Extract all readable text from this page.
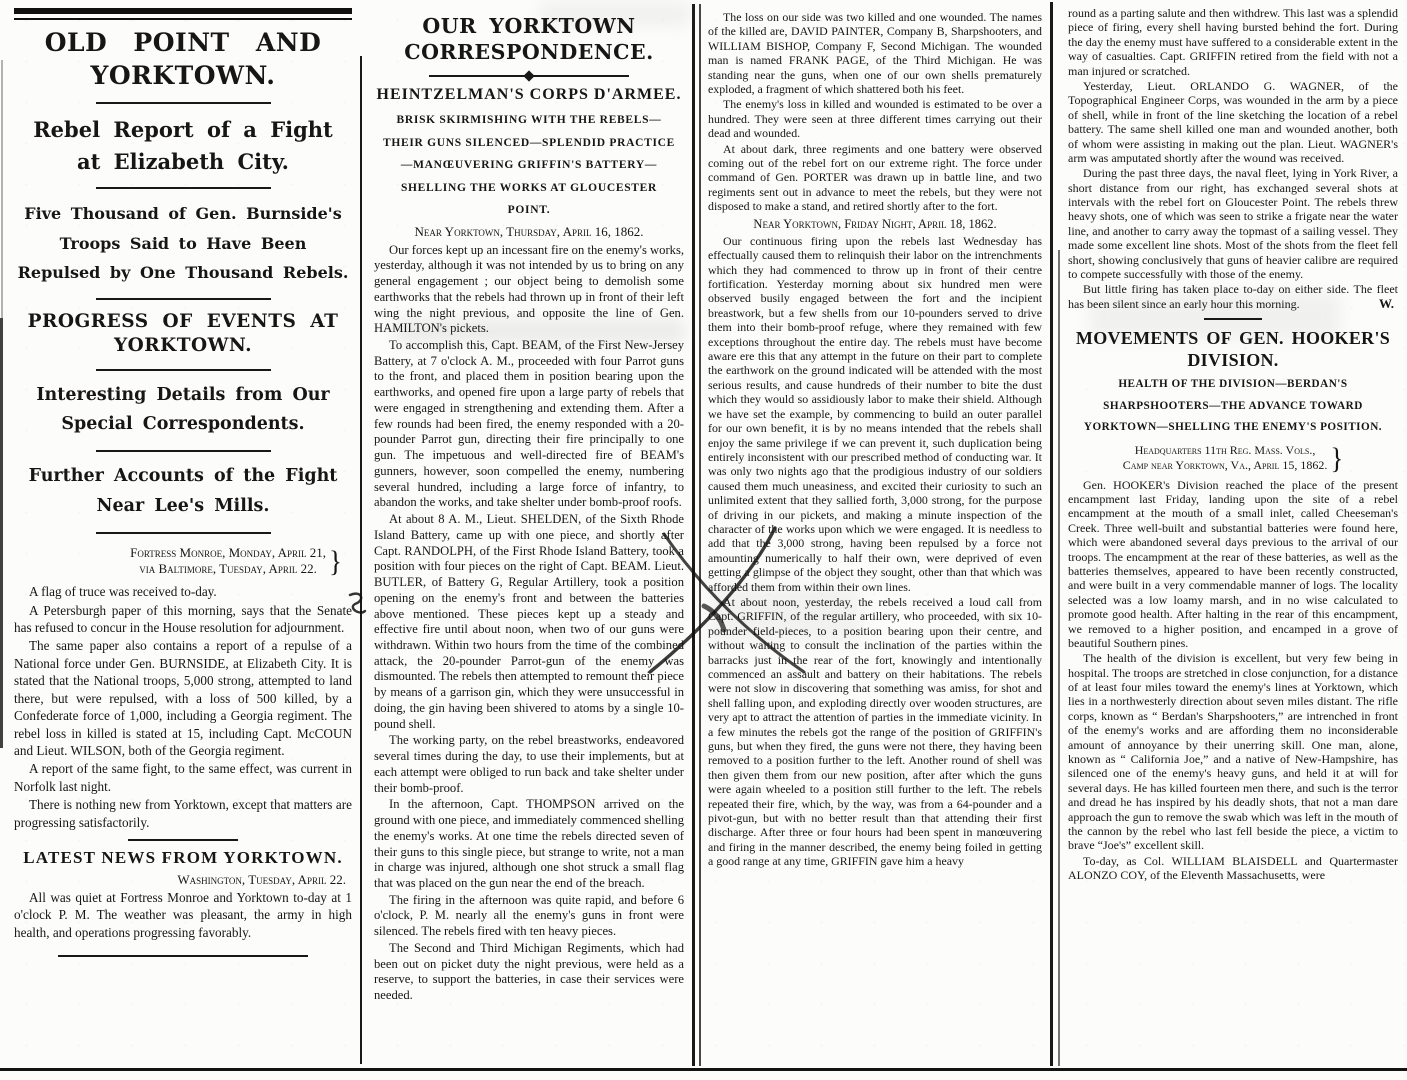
OLD POINT AND YORKTOWN.
Rebel Report of a Fight at Elizabeth City.
Five Thousand of Gen. Burnside's Troops Said to Have Been Repulsed by One Thousand Rebels.
PROGRESS OF EVENTS AT YORKTOWN.
Interesting Details from Our Special Correspondents.
Further Accounts of the Fight Near Lee's Mills.
Fortress Monroe, Monday, April 21,
via Baltimore, Tuesday, April 22. }

A flag of truce was received to-day.

A Petersburgh paper of this morning, says that the Senate has refused to concur in the House resolution for adjournment.

The same paper also contains a report of a repulse of a National force under Gen. BURNSIDE, at Elizabeth City. It is stated that the National troops, 5,000 strong, attempted to land there, but were repulsed, with a loss of 500 killed, by a Confederate force of 1,000, including a Georgia regiment. The rebel loss in killed is stated at 15, including Capt. McCOUN and Lieut. WILSON, both of the Georgia regiment.

A report of the same fight, to the same effect, was current in Norfolk last night.

There is nothing new from Yorktown, except that matters are progressing satisfactorily.

LATEST NEWS FROM YORKTOWN.
Washington, Tuesday, April 22.

All was quiet at Fortress Monroe and Yorktown to-day at 1 o'clock P. M. The weather was pleasant, the army in high health, and operations progressing favorably.

OUR YORKTOWN CORRESPONDENCE.
HEINTZELMAN'S CORPS D'ARMEE.
BRISK SKIRMISHING WITH THE REBELS—THEIR GUNS SILENCED—SPLENDID PRACTICE—MANŒUVERING GRIFFIN'S BATTERY—SHELLING THE WORKS AT GLOUCESTER POINT.
Near Yorktown, Thursday, April 16, 1862.

Our forces kept up an incessant fire on the enemy's works, yesterday, although it was not intended by us to bring on any general engagement ; our object being to demolish some earthworks that the rebels had thrown up in front of their left wing the night previous, and opposite the line of Gen. HAMILTON's pickets.

To accomplish this, Capt. BEAM, of the First New-Jersey Battery, at 7 o'clock A. M., proceeded with four Parrot guns to the front, and placed them in position bearing upon the earthworks, and opened fire upon a large party of rebels that were engaged in strengthening and extending them. After a few rounds had been fired, the enemy responded with a 20-pounder Parrot gun, directing their fire principally to one gun. The impetuous and well-directed fire of BEAM's gunners, however, soon compelled the enemy, numbering several hundred, including a large force of infantry, to abandon the works, and take shelter under bomb-proof roofs.

At about 8 A. M., Lieut. SHELDEN, of the Sixth Rhode Island Battery, came up with one piece, and shortly after Capt. RANDOLPH, of the First Rhode Island Battery, took a position with four pieces on the right of Capt. BEAM. Lieut. BUTLER, of Battery G, Regular Artillery, took a position opening on the enemy's front and between the batteries above mentioned. These pieces kept up a steady and effective fire until about noon, when two of our guns were withdrawn. Within two hours from the time of the combined attack, the 20-pounder Parrot-gun of the enemy was dismounted. The rebels then attempted to remount their piece by means of a garrison gin, which they were unsuccessful in doing, the gin having been shivered to atoms by a single 10-pound shell.

The working party, on the rebel breastworks, endeavored several times during the day, to use their implements, but at each attempt were obliged to run back and take shelter under their bomb-proof.

In the afternoon, Capt. THOMPSON arrived on the ground with one piece, and immediately commenced shelling the enemy's works. At one time the rebels directed seven of their guns to this single piece, but strange to write, not a man in charge was injured, although one shot struck a small flag that was placed on the gun near the end of the breach.

The firing in the afternoon was quite rapid, and before 6 o'clock, P. M. nearly all the enemy's guns in front were silenced. The rebels fired with ten heavy pieces.

The Second and Third Michigan Regiments, which had been out on picket duty the night previous, were held as a reserve, to support the batteries, in case their services were needed.

The loss on our side was two killed and one wounded. The names of the killed are, DAVID PAINTER, Company B, Sharpshooters, and WILLIAM BISHOP, Company F, Second Michigan. The wounded man is named FRANK PAGE, of the Third Michigan. He was standing near the guns, when one of our own shells prematurely exploded, a fragment of which shattered both his feet.

The enemy's loss in killed and wounded is estimated to be over a hundred. They were seen at three different times carrying out their dead and wounded.

At about dark, three regiments and one battery were observed coming out of the rebel fort on our extreme right. The force under command of Gen. PORTER was drawn up in battle line, and two regiments sent out in advance to meet the rebels, but they were not disposed to make a stand, and retired shortly after to the fort.

Near Yorktown, Friday Night, April 18, 1862.

Our continuous firing upon the rebels last Wednesday has effectually caused them to relinquish their labor on the intrenchments which they had commenced to throw up in front of their centre fortification. Yesterday morning about six hundred men were observed busily engaged between the fort and the incipient breastwork, but a few shells from our 10-pounders served to drive them into their bomb-proof refuge, where they remained with few exceptions throughout the entire day. The rebels must have become aware ere this that any attempt in the future on their part to complete the earthwork on the ground indicated will be attended with the most serious results, and cause hundreds of their number to bite the dust which they would so assidiously labor to make their shield. Although we have set the example, by commencing to build an outer parallel for our own benefit, it is by no means intended that the rebels shall enjoy the same privilege if we can prevent it, such duplication being entirely inconsistent with our prescribed method of conducting war. It was only two nights ago that the prodigious industry of our soldiers caused them much uneasiness, and excited their curiosity to such an unlimited extent that they sallied forth, 3,000 strong, for the purpose of driving in our pickets, and making a minute inspection of the character of the works upon which we were engaged. It is needless to add that the 3,000 strong, having been repulsed by a force not amounting numerically to half their own, were deprived of even getting a glimpse of the object they sought, other than that which was afforded them from within their own lines.

At about noon, yesterday, the rebels received a loud call from Capt. GRIFFIN, of the regular artillery, who proceeded, with six 10-pounder field-pieces, to a position bearing upon their centre, and without waiting to consult the inclination of the parties within the barracks just in the rear of the fort, knowingly and intentionally commenced an assault and battery on their habitations. The rebels were not slow in discovering that something was amiss, for shot and shell falling upon, and exploding directly over wooden structures, are very apt to attract the attention of parties in the immediate vicinity. In a few minutes the rebels got the range of the position of GRIFFIN's guns, but when they fired, the guns were not there, they having been removed to a position further to the left. Another round of shell was then given them from our new position, after after which the guns were again wheeled to a position still further to the left. The rebels repeated their fire, which, by the way, was from a 64-pounder and a pivot-gun, but with no better result than that attending their first discharge. After three or four hours had been spent in manœuvering and firing in the manner described, the enemy being foiled in getting a good range at any time, GRIFFIN gave him a heavy

round as a parting salute and then withdrew. This last was a splendid piece of firing, every shell having bursted behind the fort. During the day the enemy must have suffered to a considerable extent in the way of casualties. Capt. GRIFFIN retired from the field with not a man injured or scratched.

Yesterday, Lieut. ORLANDO G. WAGNER, of the Topographical Engineer Corps, was wounded in the arm by a piece of shell, while in front of the line sketching the location of a rebel battery. The same shell killed one man and wounded another, both of whom were assisting in making out the plan. Lieut. WAGNER's arm was amputated shortly after the wound was received.

During the past three days, the naval fleet, lying in York River, a short distance from our right, has exchanged several shots at intervals with the rebel fort on Gloucester Point. The rebels threw heavy shots, one of which was seen to strike a frigate near the water line, and another to carry away the topmast of a sailing vessel. They made some excellent line shots. Most of the shots from the fleet fell short, showing conclusively that guns of heavier calibre are required to compete successfully with those of the enemy.

But little firing has taken place to-day on either side. The fleet has been silent since an early hour this morning.	W.
MOVEMENTS OF GEN. HOOKER'S DIVISION.
HEALTH OF THE DIVISION—BERDAN'S SHARPSHOOTERS—THE ADVANCE TOWARD YORKTOWN—SHELLING THE ENEMY'S POSITION.
Headquarters 11th Reg. Mass. Vols.,
Camp near Yorktown, Va., April 15, 1862. }

Gen. HOOKER's Division reached the place of the present encampment last Friday, landing upon the site of a rebel encampment at the mouth of a small inlet, called Cheeseman's Creek. Three well-built and substantial batteries were found here, which were abandoned several days previous to the arrival of our troops. The encampment at the rear of these batteries, as well as the batteries themselves, appeared to have been recently constructed, and were built in a very commendable manner of logs. The locality selected was a low loamy marsh, and in no wise calculated to promote good health. After halting in the rear of this encampment, we removed to a higher position, and encamped in a grove of beautiful Southern pines.

The health of the division is excellent, but very few being in hospital. The troops are stretched in close conjunction, for a distance of at least four miles toward the enemy's lines at Yorktown, which lies in a northwesterly direction about seven miles distant. The rifle corps, known as “ Berdan's Sharpshooters,” are intrenched in front of the enemy's works and are affording them no inconsiderable amount of annoyance by their unerring skill. One man, alone, known as “ California Joe,” and a native of New-Hampshire, has silenced one of the enemy's heavy guns, and held it at will for several days. He has killed fourteen men there, and such is the terror and dread he has inspired by his deadly shots, that not a man dare approach the gun to remove the swab which was left in the mouth of the cannon by the rebel who last fell beside the piece, a victim to brave “Joe's” excellent skill.

To-day, as Col. WILLIAM BLAISDELL and Quartermaster ALONZO COY, of the Eleventh Massachusetts, were
